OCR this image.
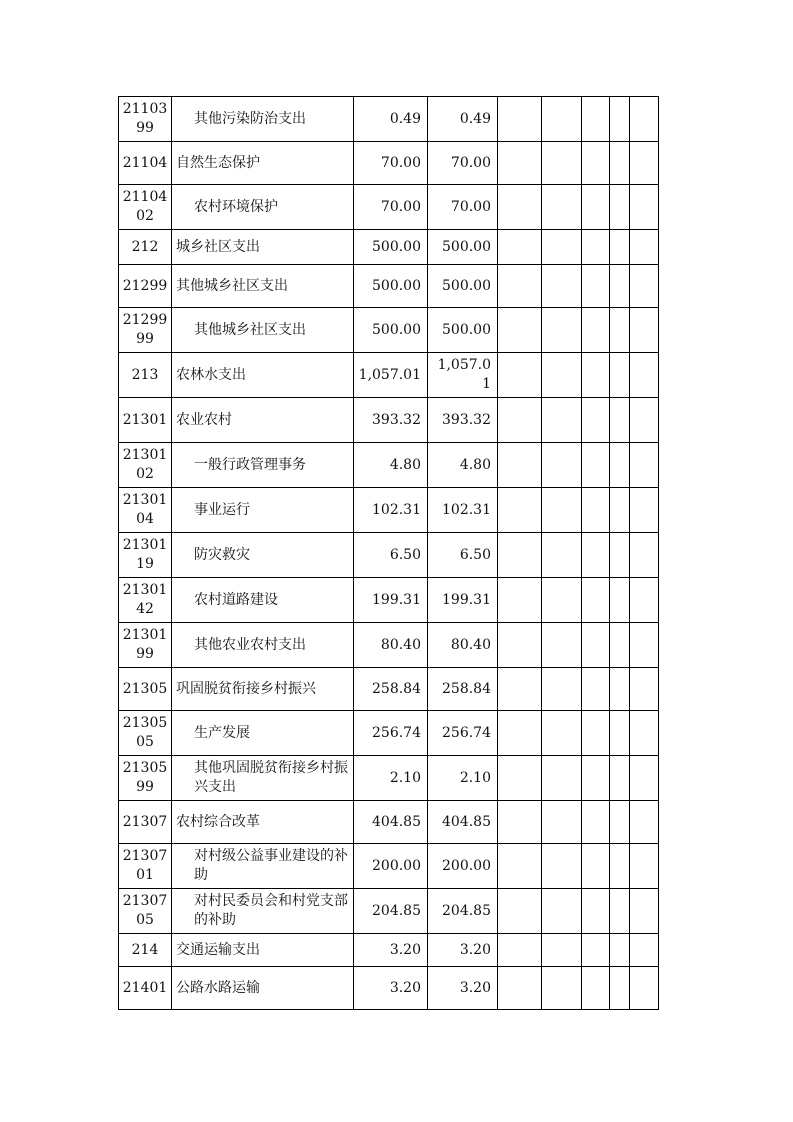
2110399	其他污染防治支出	0.49	0.49					
21104	自然生态保护	70.00	70.00					
2110402	农村环境保护	70.00	70.00					
212	城乡社区支出	500.00	500.00					
21299	其他城乡社区支出	500.00	500.00					
2129999	其他城乡社区支出	500.00	500.00					
213	农林水支出	1,057.01	1,057.01					
21301	农业农村	393.32	393.32					
2130102	一般行政管理事务	4.80	4.80					
2130104	事业运行	102.31	102.31					
2130119	防灾救灾	6.50	6.50					
2130142	农村道路建设	199.31	199.31					
2130199	其他农业农村支出	80.40	80.40					
21305	巩固脱贫衔接乡村振兴	258.84	258.84					
2130505	生产发展	256.74	256.74					
2130599	其他巩固脱贫衔接乡村振兴支出	2.10	2.10					
21307	农村综合改革	404.85	404.85					
2130701	对村级公益事业建设的补助	200.00	200.00					
2130705	对村民委员会和村党支部的补助	204.85	204.85					
214	交通运输支出	3.20	3.20					
21401	公路水路运输	3.20	3.20					
